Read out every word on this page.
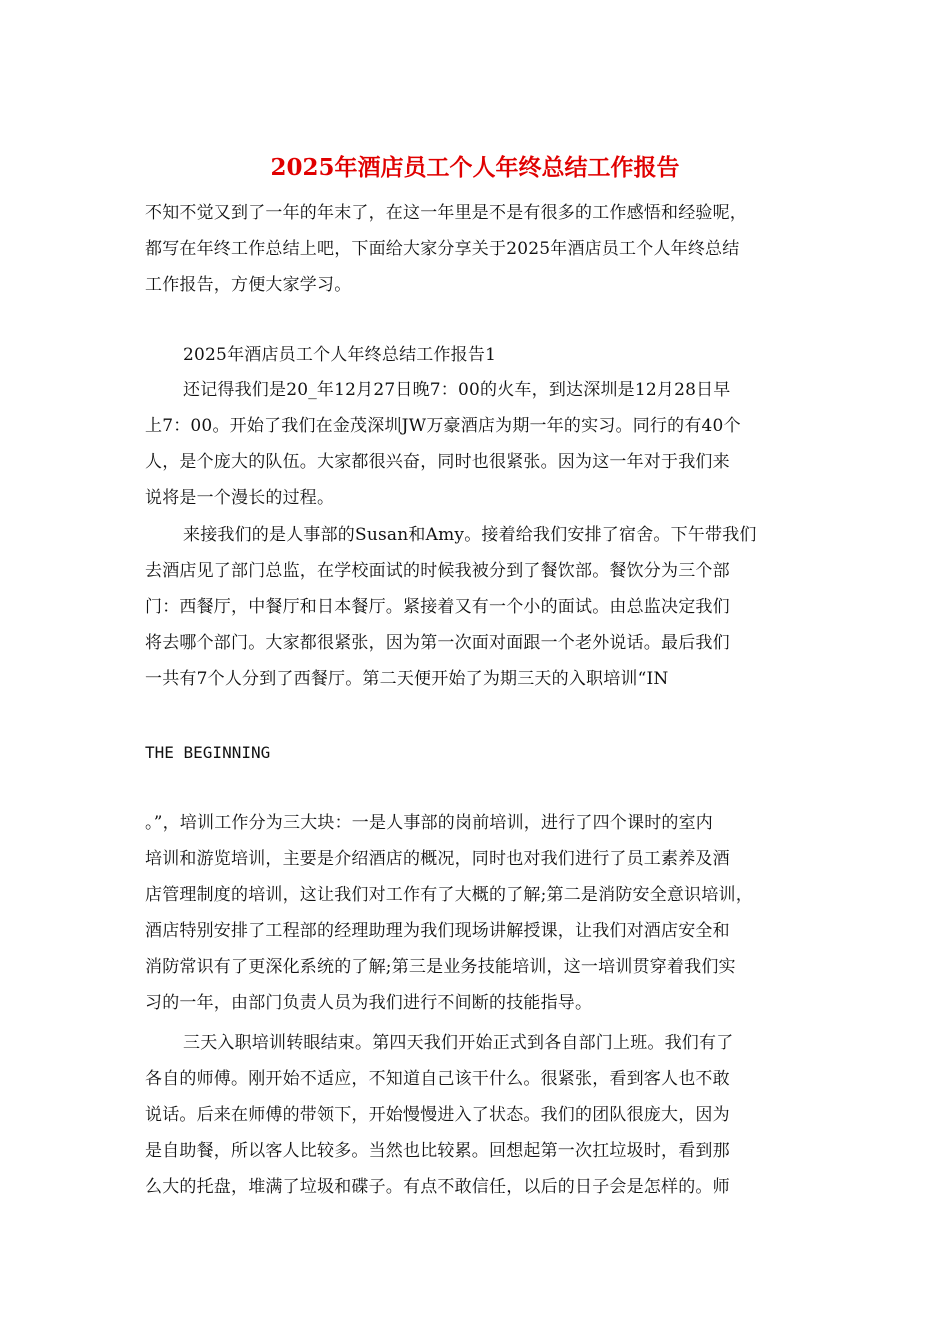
2025年酒店员工个人年终总结工作报告
不知不觉又到了一年的年末了，在这一年里是不是有很多的工作感悟和经验呢，
都写在年终工作总结上吧，下面给大家分享关于2025年酒店员工个人年终总结
工作报告，方便大家学习。
2025年酒店员工个人年终总结工作报告1
还记得我们是20_年12月27日晚7：00的火车，到达深圳是12月28日早
上7：00。开始了我们在金茂深圳JW万豪酒店为期一年的实习。同行的有40个
人，是个庞大的队伍。大家都很兴奋，同时也很紧张。因为这一年对于我们来
说将是一个漫长的过程。
来接我们的是人事部的Susan和Amy。接着给我们安排了宿舍。下午带我们
去酒店见了部门总监，在学校面试的时候我被分到了餐饮部。餐饮分为三个部
门：西餐厅，中餐厅和日本餐厅。紧接着又有一个小的面试。由总监决定我们
将去哪个部门。大家都很紧张，因为第一次面对面跟一个老外说话。最后我们
一共有7个人分到了西餐厅。第二天便开始了为期三天的入职培训“IN
THE BEGINNING
。”，培训工作分为三大块：一是人事部的岗前培训，进行了四个课时的室内
培训和游览培训，主要是介绍酒店的概况，同时也对我们进行了员工素养及酒
店管理制度的培训，这让我们对工作有了大概的了解;第二是消防安全意识培训，
酒店特别安排了工程部的经理助理为我们现场讲解授课，让我们对酒店安全和
消防常识有了更深化系统的了解;第三是业务技能培训，这一培训贯穿着我们实
习的一年，由部门负责人员为我们进行不间断的技能指导。
三天入职培训转眼结束。第四天我们开始正式到各自部门上班。我们有了
各自的师傅。刚开始不适应，不知道自己该干什么。很紧张，看到客人也不敢
说话。后来在师傅的带领下，开始慢慢进入了状态。我们的团队很庞大，因为
是自助餐，所以客人比较多。当然也比较累。回想起第一次扛垃圾时，看到那
么大的托盘，堆满了垃圾和碟子。有点不敢信任，以后的日子会是怎样的。师
